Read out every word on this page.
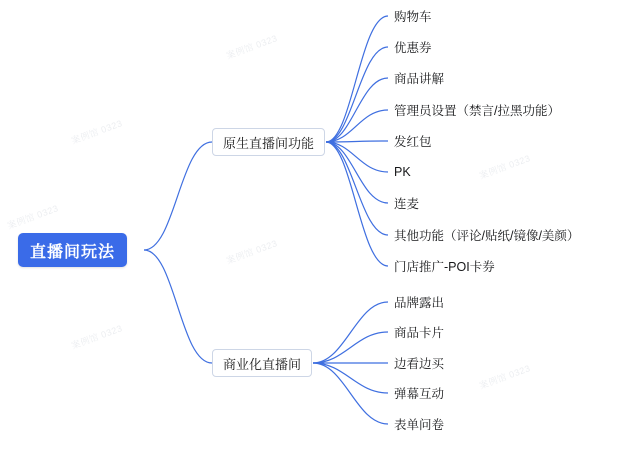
案例馆 0323
案例馆 0323
案例馆 0323
案例馆 0323
案例馆 0323
案例馆 0323
案例馆 0323
直播间玩法
原生直播间功能
商业化直播间
购物车
优惠券
商品讲解
管理员设置（禁言/拉黑功能）
发红包
PK
连麦
其他功能（评论/贴纸/镜像/美颜）
门店推广-POI卡券
品牌露出
商品卡片
边看边买
弹幕互动
表单问卷
